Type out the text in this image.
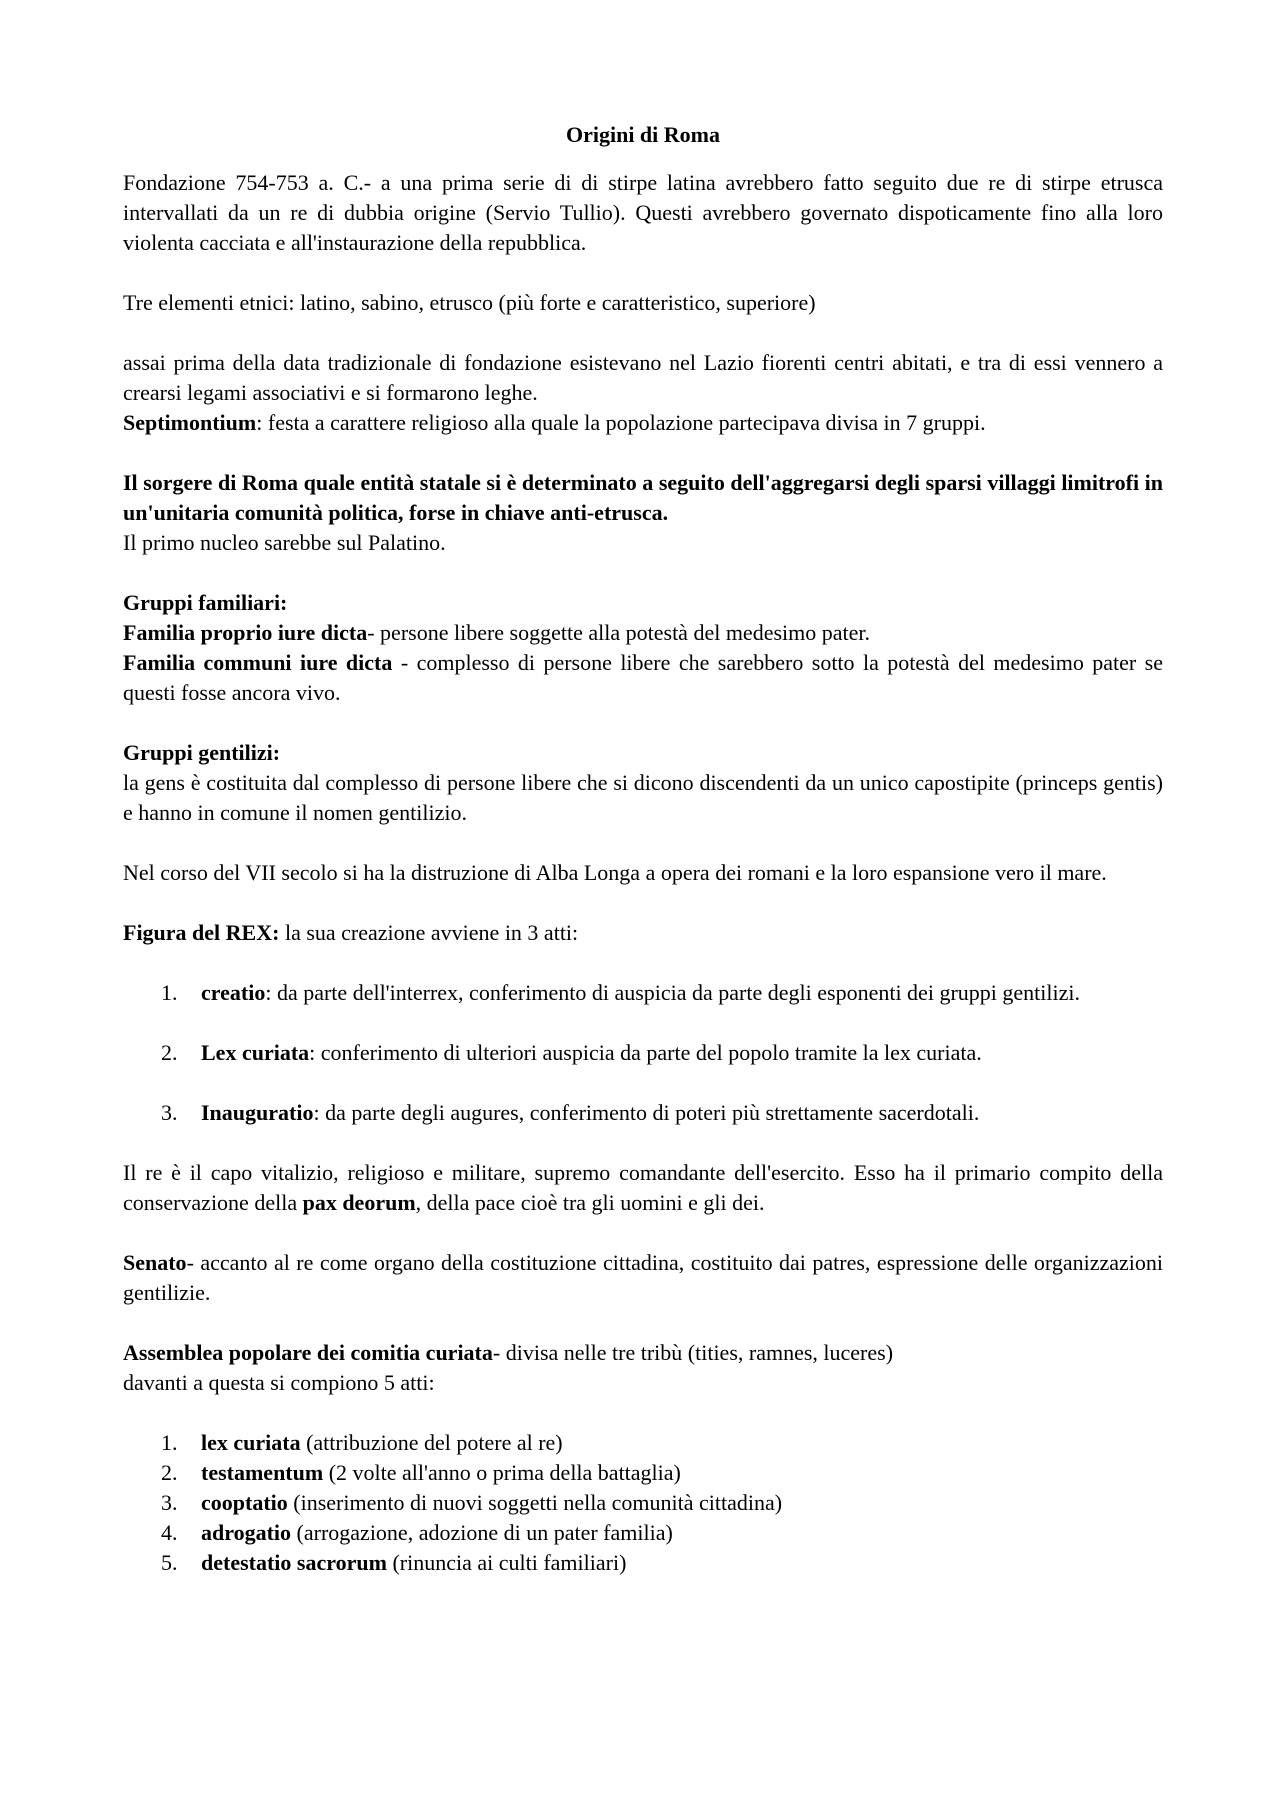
Origini di Roma

Fondazione 754-753 a. C.- a una prima serie di di stirpe latina avrebbero fatto seguito due re di stirpe etrusca intervallati da un re di dubbia origine (Servio Tullio). Questi avrebbero governato dispoticamente fino alla loro violenta cacciata e all'instaurazione della repubblica.

Tre elementi etnici: latino, sabino, etrusco (più forte e caratteristico, superiore)

assai prima della data tradizionale di fondazione esistevano nel Lazio fiorenti centri abitati, e tra di essi vennero a crearsi legami associativi e si formarono leghe.

Septimontium: festa a carattere religioso alla quale la popolazione partecipava divisa in 7 gruppi.

Il sorgere di Roma quale entità statale si è determinato a seguito dell'aggregarsi degli sparsi villaggi limitrofi in un'unitaria comunità politica, forse in chiave anti-etrusca.

Il primo nucleo sarebbe sul Palatino.

Gruppi familiari:

Familia proprio iure dicta- persone libere soggette alla potestà del medesimo pater.

Familia communi iure dicta - complesso di persone libere che sarebbero sotto la potestà del medesimo pater se questi fosse ancora vivo.

Gruppi gentilizi:

la gens è costituita dal complesso di persone libere che si dicono discendenti da un unico capostipite (princeps gentis) e hanno in comune il nomen gentilizio.

Nel corso del VII secolo si ha la distruzione di Alba Longa a opera dei romani e la loro espansione vero il mare.

Figura del REX: la sua creazione avviene in 3 atti:

1. creatio: da parte dell'interrex, conferimento di auspicia da parte degli esponenti dei gruppi gentilizi.
2. Lex curiata: conferimento di ulteriori auspicia da parte del popolo tramite la lex curiata.
3. Inauguratio: da parte degli augures, conferimento di poteri più strettamente sacerdotali.

Il re è il capo vitalizio, religioso e militare, supremo comandante dell'esercito. Esso ha il primario compito della conservazione della pax deorum, della pace cioè tra gli uomini e gli dei.

Senato- accanto al re come organo della costituzione cittadina, costituito dai patres, espressione delle organizzazioni gentilizie.

Assemblea popolare dei comitia curiata- divisa nelle tre tribù (tities, ramnes, luceres)

davanti a questa si compiono 5 atti:

1. lex curiata (attribuzione del potere al re)
2. testamentum (2 volte all'anno o prima della battaglia)
3. cooptatio (inserimento di nuovi soggetti nella comunità cittadina)
4. adrogatio (arrogazione, adozione di un pater familia)
5. detestatio sacrorum (rinuncia ai culti familiari)
